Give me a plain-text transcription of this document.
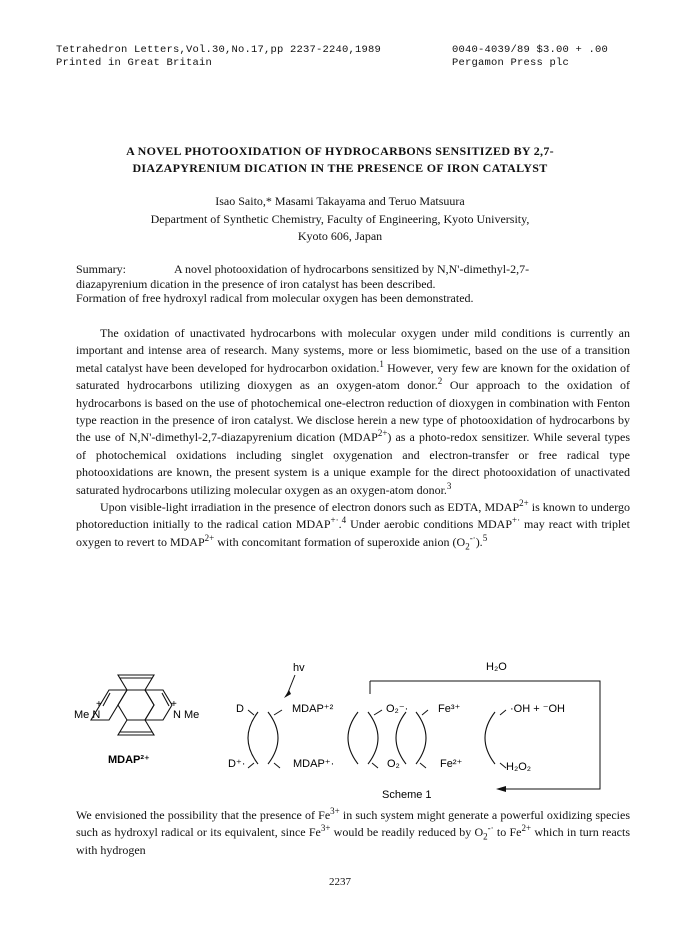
Tetrahedron Letters,Vol.30,No.17,pp 2237-2240,1989
Printed in Great Britain
0040-4039/89 $3.00 + .00
Pergamon Press plc
A NOVEL PHOTOOXIDATION OF HYDROCARBONS SENSITIZED BY 2,7-
DIAZAPYRENIUM DICATION IN THE PRESENCE OF IRON CATALYST
Isao Saito,* Masami Takayama and Teruo Matsuura
Department of Synthetic Chemistry, Faculty of Engineering, Kyoto University,
Kyoto 606, Japan
Summary:	A novel photooxidation of hydrocarbons sensitized by N,N'-dimethyl-2,7-
diazapyrenium dication in the presence of iron catalyst has been described.
Formation of free hydroxyl radical from molecular oxygen has been demonstrated.

The oxidation of unactivated hydrocarbons with molecular oxygen under mild conditions is currently an important and intense area of research. Many systems, more or less biomimetic, based on the use of a transition metal catalyst have been developed for hydrocarbon oxidation.$^1$ However, very few are known for the oxidation of saturated hydrocarbons utilizing dioxygen as an oxygen-atom donor.$^2$ Our approach to the oxidation of hydrocarbons is based on the use of photochemical one-electron reduction of dioxygen in combination with Fenton type reaction in the presence of iron catalyst. We disclose herein a new type of photooxidation of hydrocarbons by the use of N,N'-dimethyl-2,7-diazapyrenium dication $(MDAP^{2+})$ as a photo-redox sensitizer. While several types of photochemical oxidations including singlet oxygenation and electron-transfer or free radical type photooxidations are known, the present system is a unique example for the direct photooxidation of unactivated saturated hydrocarbons utilizing molecular oxygen as an oxygen-atom donor.$^3$

Upon visible-light irradiation in the presence of electron donors such as EDTA, $MDAP^{2+}$ is known to undergo photoreduction initially to the radical cation MDAP+·.$^4$ Under aerobic conditions MDAP+· may react with triplet oxygen to revert to $MDAP^{2+}$ with concomitant formation of superoxide anion $(O_2^{-\cdot}).^5$

Me N
+
N Me
+
MDAP²⁺
hv	H₂O
D
D⁺·
MDAP⁺²
MDAP⁺·
O₂⁻·
O₂
Fe³⁺
Fe²⁺
·OH + ⁻OH
H₂O₂
Scheme 1

We envisioned the possibility that the presence of $Fe^{3+}$ in such system might generate a powerful oxidizing species such as hydroxyl radical or its equivalent, since $Fe^{3+}$ would be readily reduced by $O_2^{-\cdot}$ to $Fe^{2+}$ which in turn reacts with hydrogen

2237
